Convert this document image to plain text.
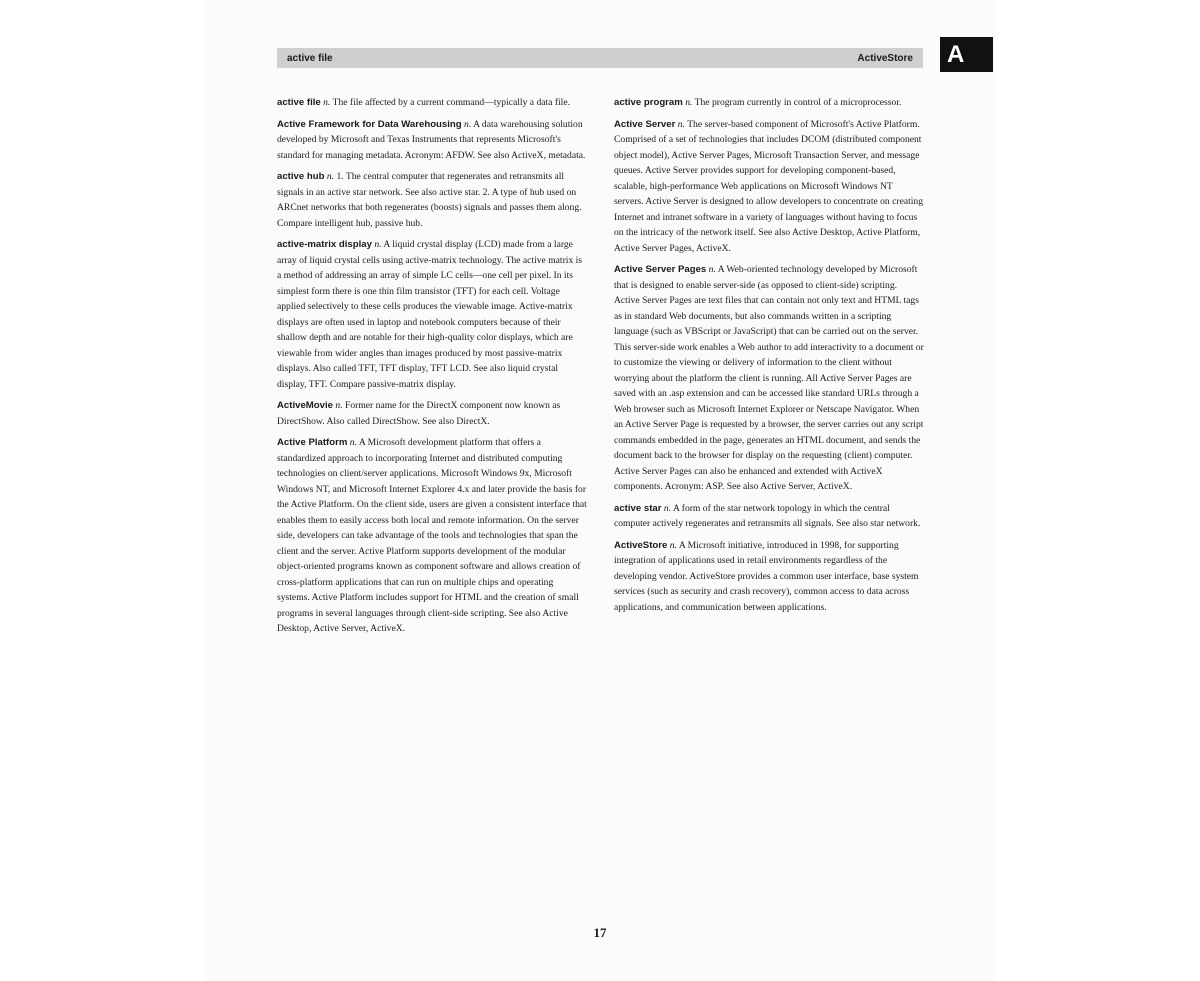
active file	ActiveStore A

active file n. The file affected by a current command—typically a data file.

Active Framework for Data Warehousing n. A data warehousing solution developed by Microsoft and Texas Instruments that represents Microsoft's standard for managing metadata. Acronym: AFDW. See also ActiveX, metadata.

active hub n. 1. The central computer that regenerates and retransmits all signals in an active star network. See also active star. 2. A type of hub used on ARCnet networks that both regenerates (boosts) signals and passes them along. Compare intelligent hub, passive hub.

active-matrix display n. A liquid crystal display (LCD) made from a large array of liquid crystal cells using active-matrix technology. The active matrix is a method of addressing an array of simple LC cells—one cell per pixel. In its simplest form there is one thin film transistor (TFT) for each cell. Voltage applied selectively to these cells produces the viewable image. Active-matrix displays are often used in laptop and notebook computers because of their shallow depth and are notable for their high-quality color displays, which are viewable from wider angles than images produced by most passive-matrix displays. Also called TFT, TFT display, TFT LCD. See also liquid crystal display, TFT. Compare passive-matrix display.

ActiveMovie n. Former name for the DirectX component now known as DirectShow. Also called DirectShow. See also DirectX.

Active Platform n. A Microsoft development platform that offers a standardized approach to incorporating Internet and distributed computing technologies on client/server applications. Microsoft Windows 9x, Microsoft Windows NT, and Microsoft Internet Explorer 4.x and later provide the basis for the Active Platform. On the client side, users are given a consistent interface that enables them to easily access both local and remote information. On the server side, developers can take advantage of the tools and technologies that span the client and the server. Active Platform supports development of the modular object-oriented programs known as component software and allows creation of cross-platform applications that can run on multiple chips and operating systems. Active Platform includes support for HTML and the creation of small programs in several languages through client-side scripting. See also Active Desktop, Active Server, ActiveX.

active program n. The program currently in control of a microprocessor.

Active Server n. The server-based component of Microsoft's Active Platform. Comprised of a set of technologies that includes DCOM (distributed component object model), Active Server Pages, Microsoft Transaction Server, and message queues. Active Server provides support for developing component-based, scalable, high-performance Web applications on Microsoft Windows NT servers. Active Server is designed to allow developers to concentrate on creating Internet and intranet software in a variety of languages without having to focus on the intricacy of the network itself. See also Active Desktop, Active Platform, Active Server Pages, ActiveX.

Active Server Pages n. A Web-oriented technology developed by Microsoft that is designed to enable server-side (as opposed to client-side) scripting. Active Server Pages are text files that can contain not only text and HTML tags as in standard Web documents, but also commands written in a scripting language (such as VBScript or JavaScript) that can be carried out on the server. This server-side work enables a Web author to add interactivity to a document or to customize the viewing or delivery of information to the client without worrying about the platform the client is running. All Active Server Pages are saved with an .asp extension and can be accessed like standard URLs through a Web browser such as Microsoft Internet Explorer or Netscape Navigator. When an Active Server Page is requested by a browser, the server carries out any script commands embedded in the page, generates an HTML document, and sends the document back to the browser for display on the requesting (client) computer. Active Server Pages can also be enhanced and extended with ActiveX components. Acronym: ASP. See also Active Server, ActiveX.

active star n. A form of the star network topology in which the central computer actively regenerates and retransmits all signals. See also star network.

ActiveStore n. A Microsoft initiative, introduced in 1998, for supporting integration of applications used in retail environments regardless of the developing vendor. ActiveStore provides a common user interface, base system services (such as security and crash recovery), common access to data across applications, and communication between applications.

17
